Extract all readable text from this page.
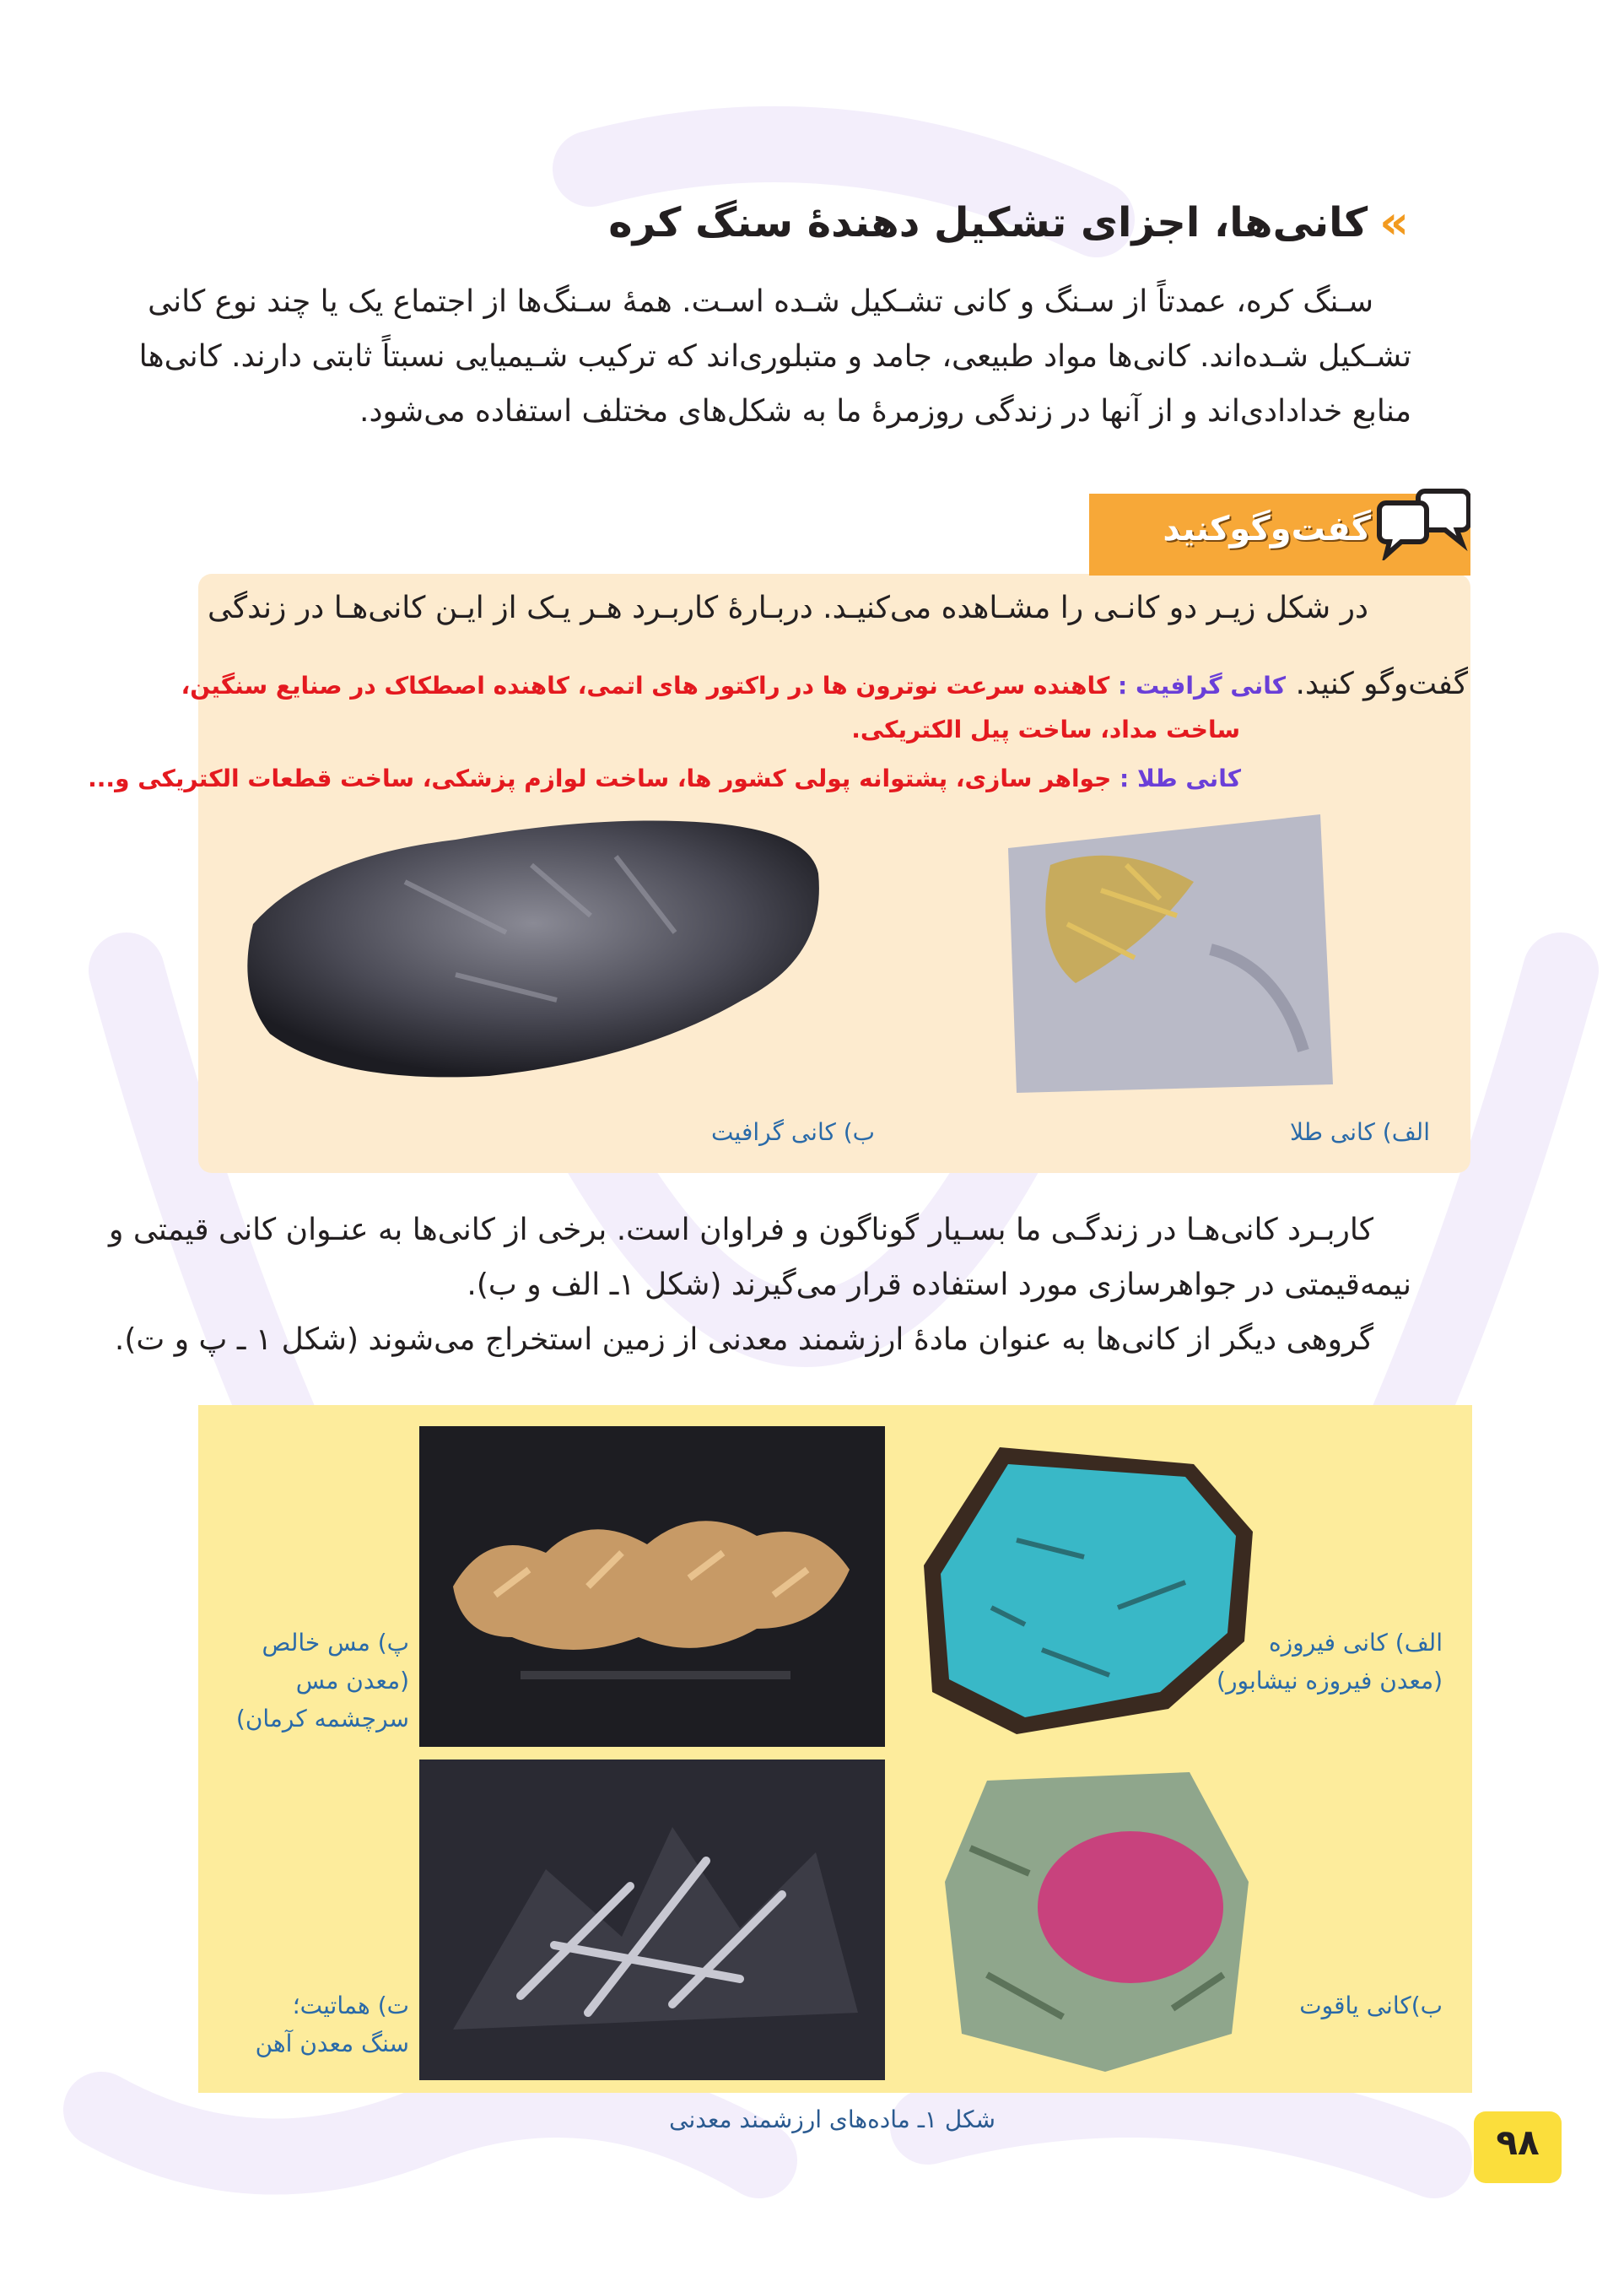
»
کانی‌ها، اجزای تشکیل دهندۀ سنگ کره
سـنگ کره، عمدتاً از سـنگ و کانی تشـکیل شـده اسـت. همۀ سـنگ‌ها از اجتماع یک یا چند نوع کانی
تشـکیل شـده‌اند. کانی‌ها مواد طبیعی، جامد و متبلوری‌اند که ترکیب شـیمیایی نسبتاً ثابتی دارند. کانی‌ها
منابع خدادادی‌اند و از آنها در زندگی روزمرۀ ما به شکل‌های مختلف استفاده می‌شود.
گفت‌وگوکنید
در شکل زیـر دو کانـی را مشـاهده می‌کنیـد. دربـارۀ کاربـرد هـر یـک از ایـن کانی‌هـا در زندگی
گفت‌وگو کنید. کانی گرافیت : کاهنده سرعت نوترون ها در راکتور های اتمی، کاهنده اصطکاک در صنایع سنگین،
ساخت مداد، ساخت پیل الکتریکی.
کانی طلا : جواهر سازی، پشتوانه پولی کشور ها، ساخت لوازم پزشکی، ساخت قطعات الکتریکی و...
ب) کانی گرافیت	الف) کانی طلا
کاربـرد کانی‌هـا در زندگـی ما بسـیار گوناگون و فراوان است. برخی از کانی‌ها به عنـوان کانی قیمتی و
نیمه‌قیمتی در جواهرسازی مورد استفاده قرار می‌گیرند (شکل ۱ـ الف و ب).
گروهی دیگر از کانی‌ها به عنوان مادۀ ارزشمند معدنی از زمین استخراج می‌شوند (شکل ۱ ـ پ و ت).
الف) کانی فیروزه
(معدن فیروزه نیشابور)
پ) مس خالص
(معدن مس
سرچشمه کرمان)
ب)کانی یاقوت
ت) هماتیت؛
سنگ معدن آهن
شکل ۱ـ ماده‌های ارزشمند معدنی
۹۸
